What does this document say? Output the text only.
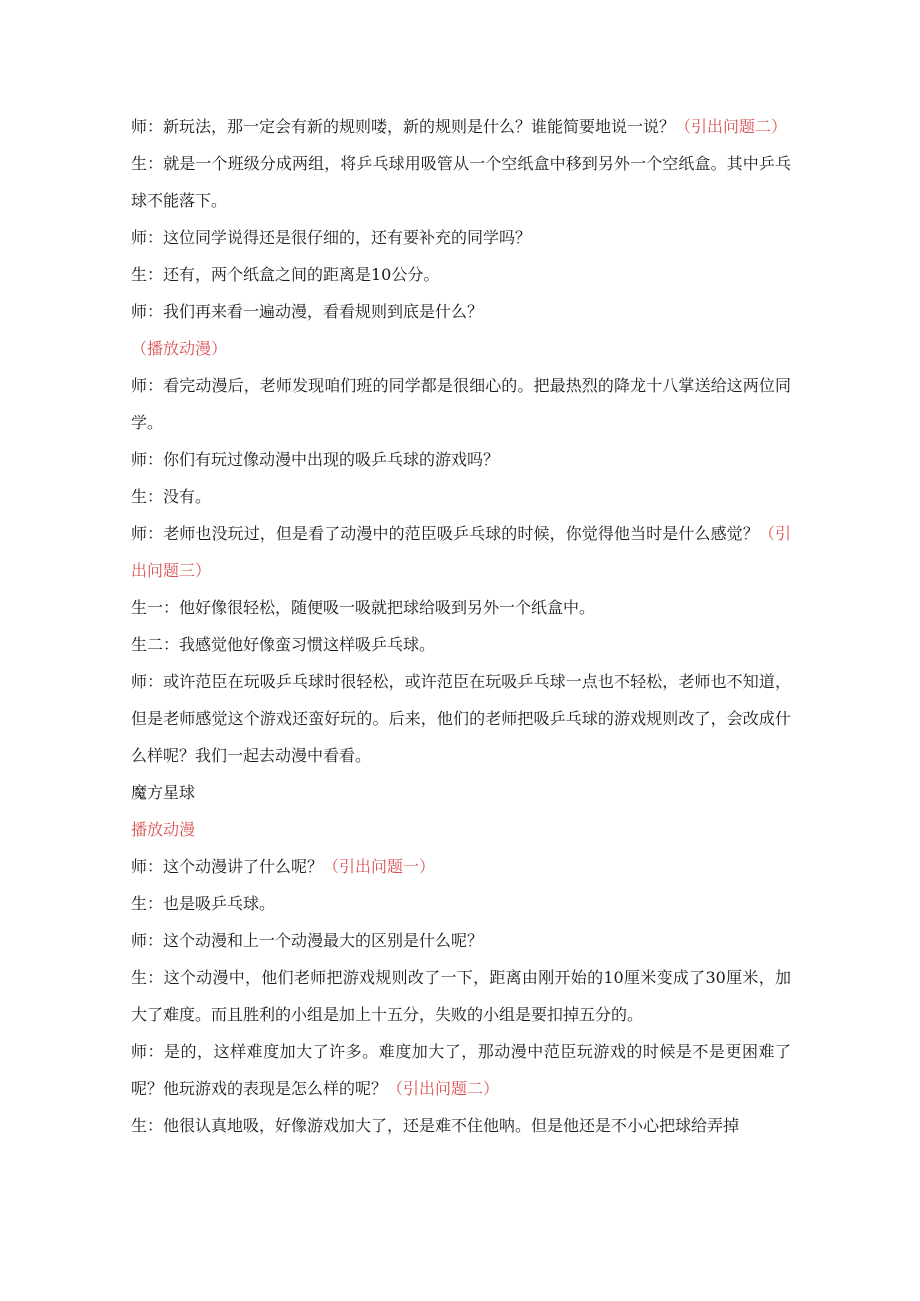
师：新玩法，那一定会有新的规则喽，新的规则是什么？谁能简要地说一说？（引出问题二）

生：就是一个班级分成两组，将乒乓球用吸管从一个空纸盒中移到另外一个空纸盒。其中乒乓球不能落下。

师：这位同学说得还是很仔细的，还有要补充的同学吗？

生：还有，两个纸盒之间的距离是10公分。

师：我们再来看一遍动漫，看看规则到底是什么？

（播放动漫）

师：看完动漫后，老师发现咱们班的同学都是很细心的。把最热烈的降龙十八掌送给这两位同学。

师：你们有玩过像动漫中出现的吸乒乓球的游戏吗？

生：没有。

师：老师也没玩过，但是看了动漫中的范臣吸乒乓球的时候，你觉得他当时是什么感觉？（引出问题三）

生一：他好像很轻松，随便吸一吸就把球给吸到另外一个纸盒中。

生二：我感觉他好像蛮习惯这样吸乒乓球。

师：或许范臣在玩吸乒乓球时很轻松，或许范臣在玩吸乒乓球一点也不轻松，老师也不知道，但是老师感觉这个游戏还蛮好玩的。后来，他们的老师把吸乒乓球的游戏规则改了，会改成什么样呢？我们一起去动漫中看看。

魔方星球

播放动漫

师：这个动漫讲了什么呢？（引出问题一）

生：也是吸乒乓球。

师：这个动漫和上一个动漫最大的区别是什么呢？

生：这个动漫中，他们老师把游戏规则改了一下，距离由刚开始的10厘米变成了30厘米，加大了难度。而且胜利的小组是加上十五分，失败的小组是要扣掉五分的。

师：是的，这样难度加大了许多。难度加大了，那动漫中范臣玩游戏的时候是不是更困难了呢？他玩游戏的表现是怎么样的呢？（引出问题二）

生：他很认真地吸，好像游戏加大了，还是难不住他呐。但是他还是不小心把球给弄掉
